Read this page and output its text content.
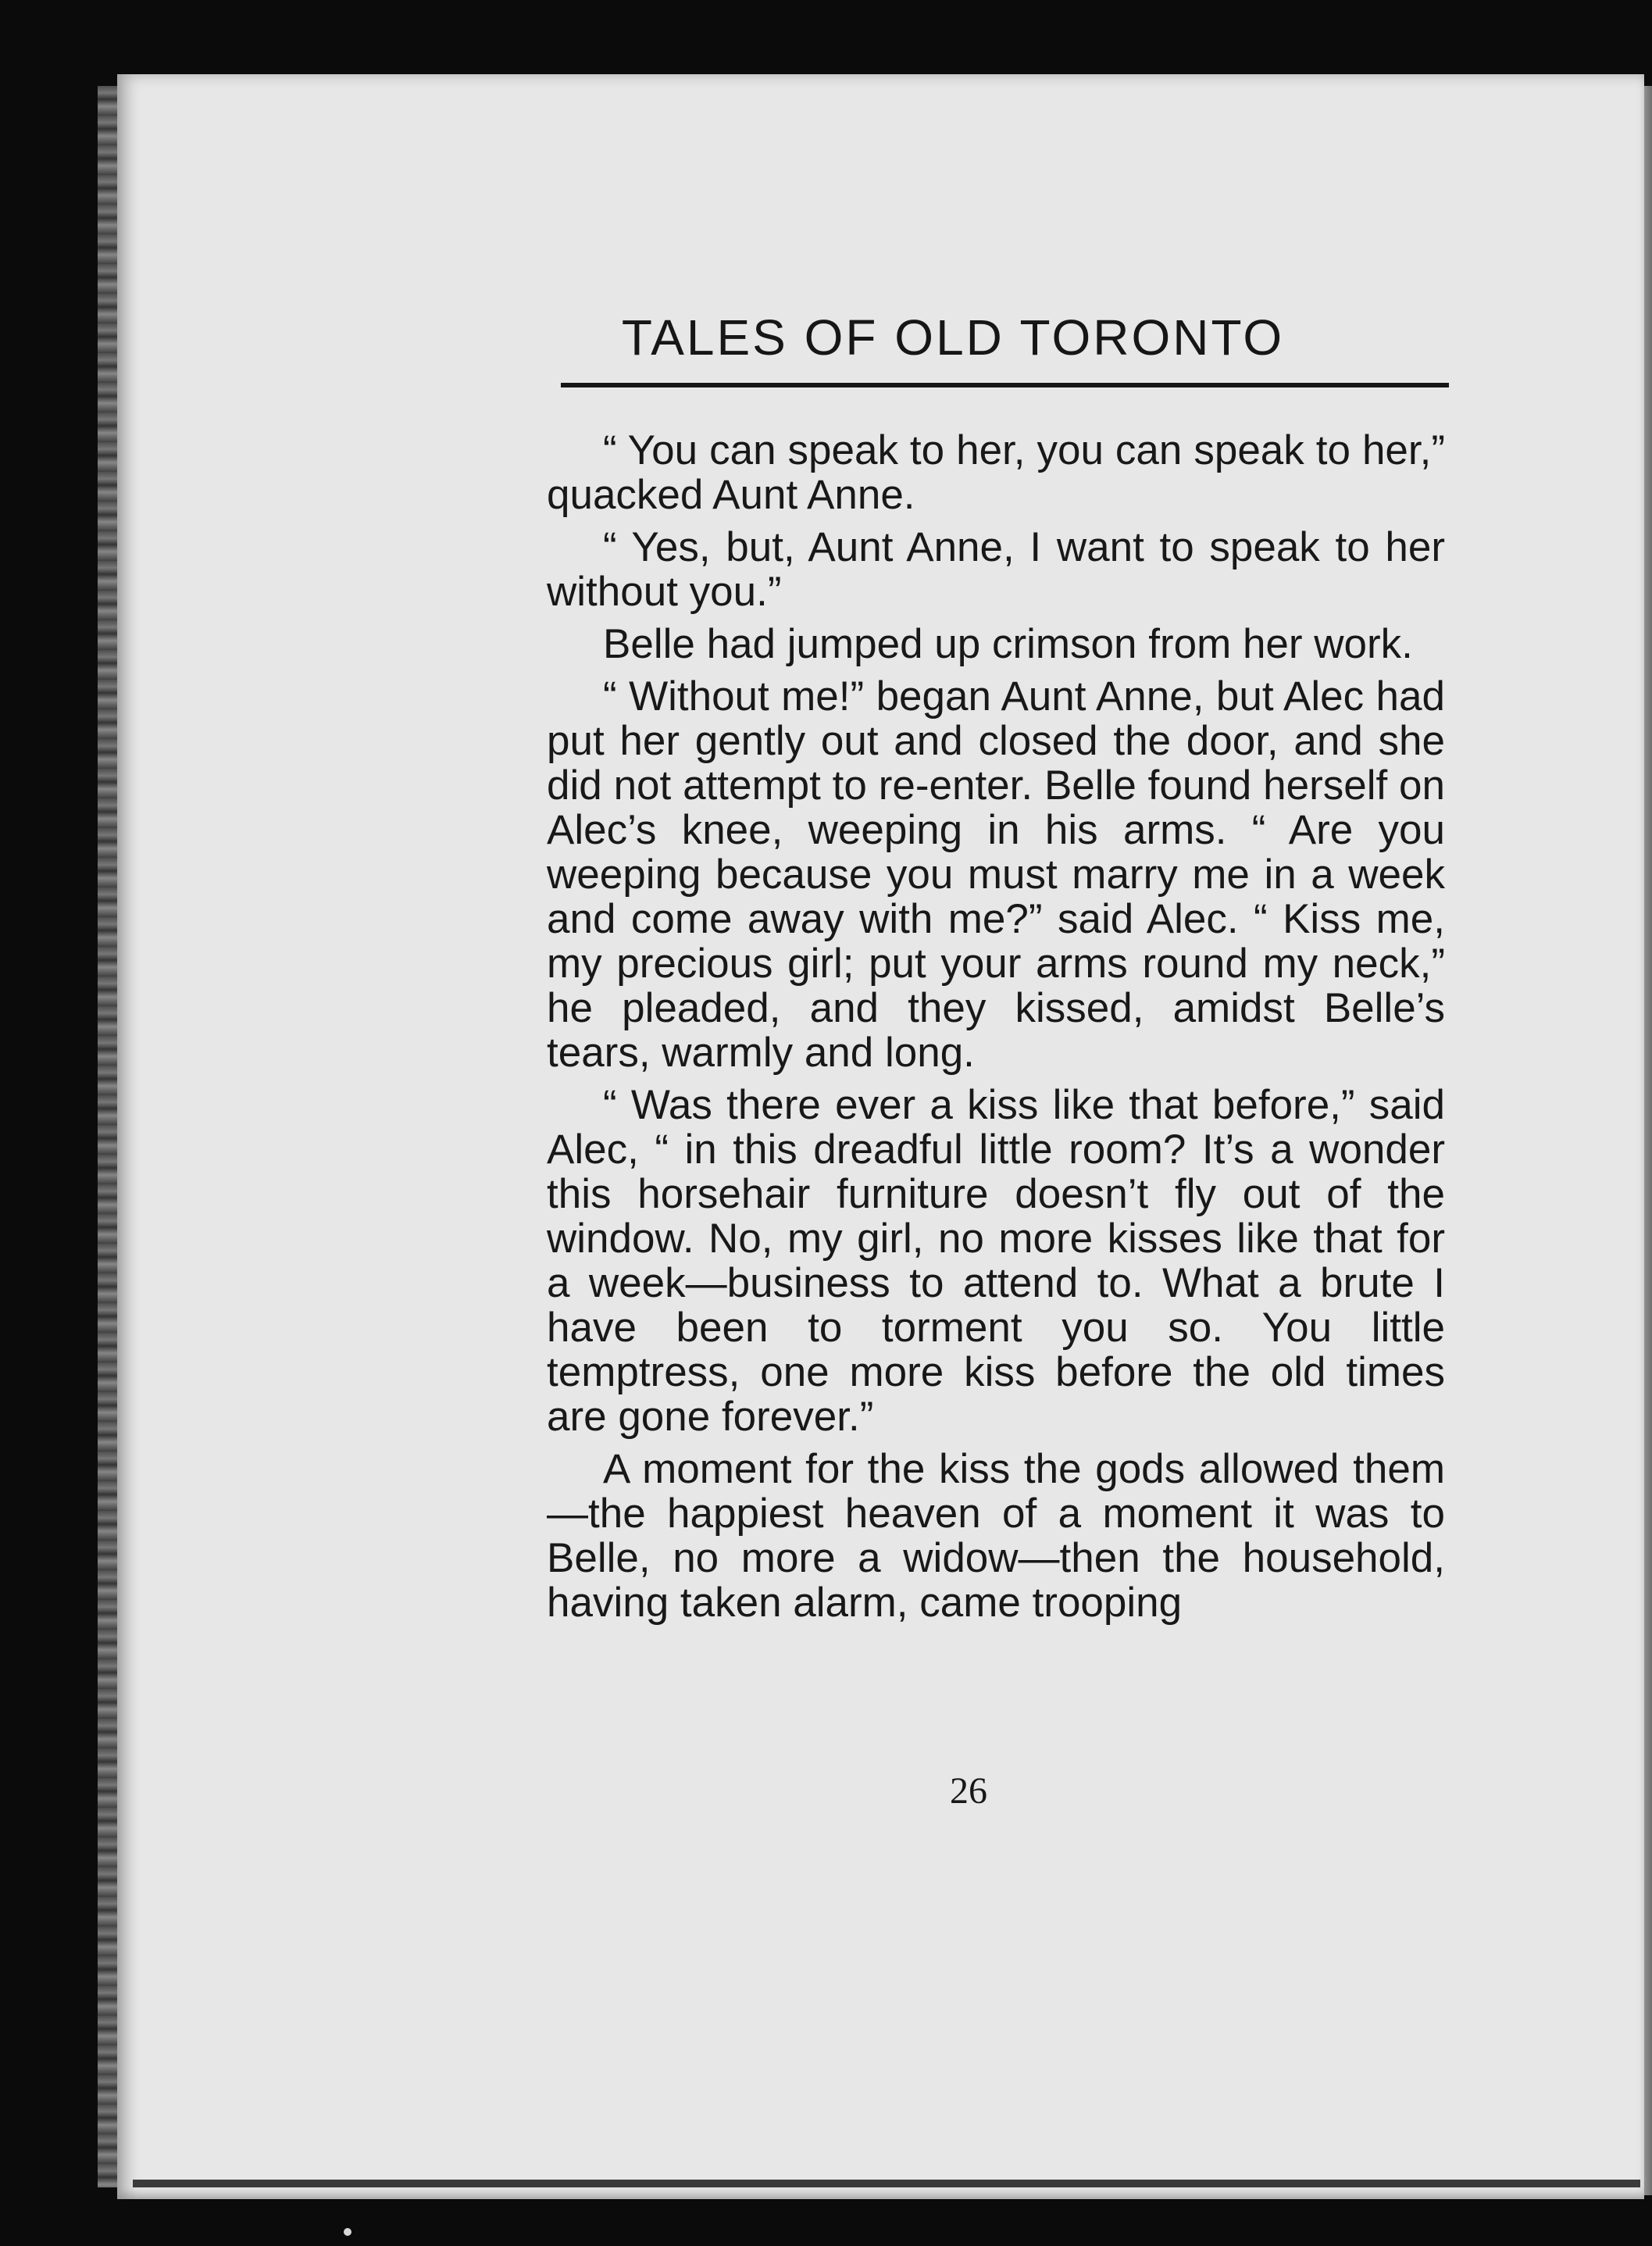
TALES OF OLD TORONTO

“ You can speak to her, you can speak to her,” quacked Aunt Anne.

“ Yes, but, Aunt Anne, I want to speak to her without you.”

Belle had jumped up crimson from her work.

“ Without me!” began Aunt Anne, but Alec had put her gently out and closed the door, and she did not attempt to re-enter. Belle found herself on Alec’s knee, weeping in his arms. “ Are you weeping because you must marry me in a week and come away with me?” said Alec. “ Kiss me, my precious girl; put your arms round my neck,” he pleaded, and they kissed, amidst Belle’s tears, warmly and long.

“ Was there ever a kiss like that before,” said Alec, “ in this dreadful little room? It’s a wonder this horsehair furniture doesn’t fly out of the window. No, my girl, no more kisses like that for a week—business to attend to. What a brute I have been to torment you so. You little temptress, one more kiss before the old times are gone forever.”

A moment for the kiss the gods allowed them—the happiest heaven of a moment it was to Belle, no more a widow—then the household, having taken alarm, came trooping

26
